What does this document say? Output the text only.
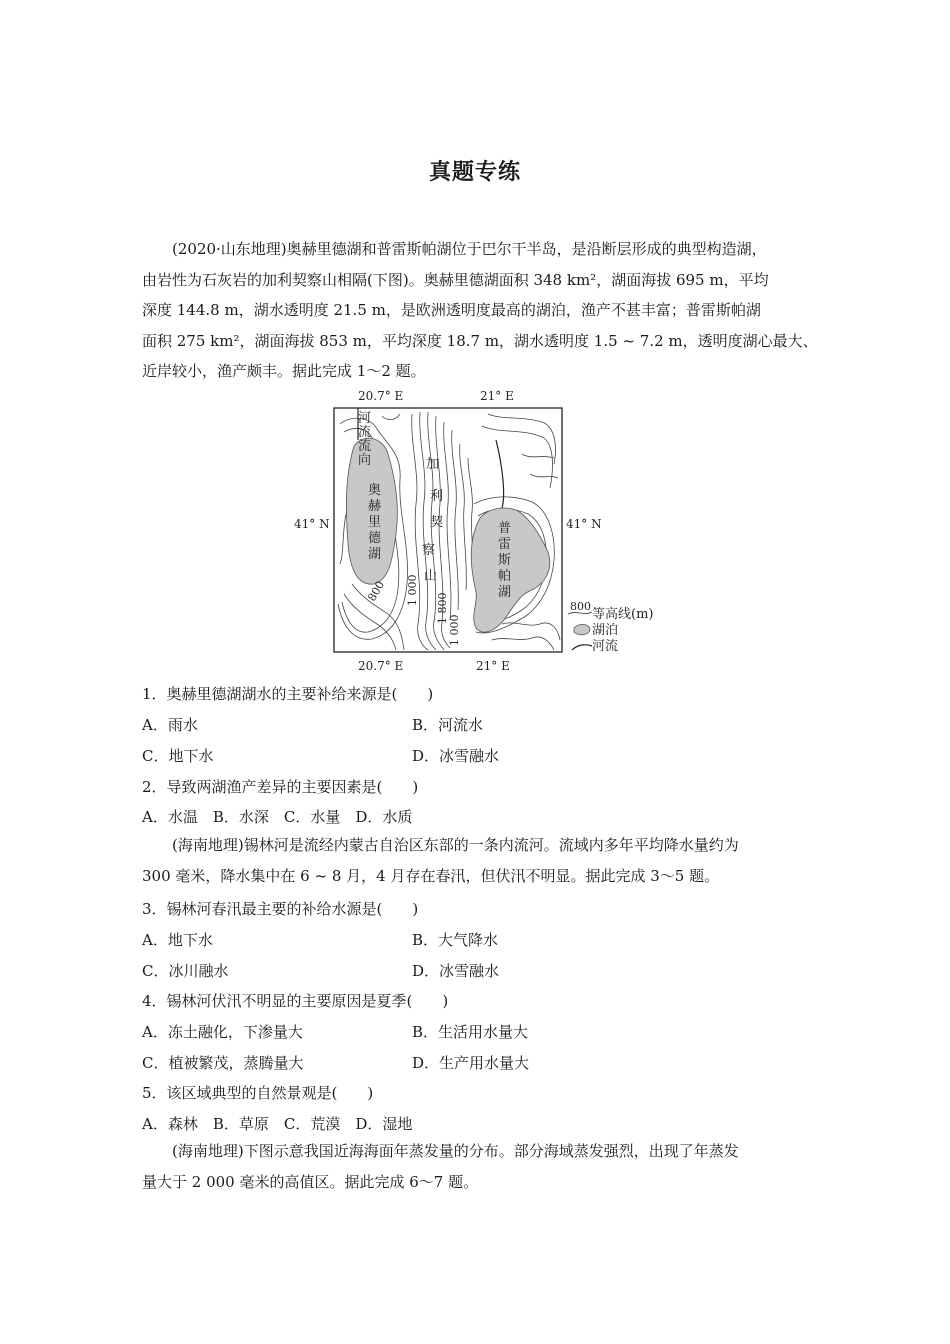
真题专练
(2020·山东地理)奥赫里德湖和普雷斯帕湖位于巴尔干半岛，是沿断层形成的典型构造湖，
由岩性为石灰岩的加利契察山相隔(下图)。奥赫里德湖面积 348 km²，湖面海拔 695 m，平均
深度 144.8 m，湖水透明度 21.5 m，是欧洲透明度最高的湖泊，渔产不甚丰富；普雷斯帕湖
面积 275 km²，湖面海拔 853 m，平均深度 18.7 m，湖水透明度 1.5 ~ 7.2 m，透明度湖心最大、
近岸较小，渔产颇丰。据此完成 1～2 题。
20.7° E	21° E
20.7° E	21° E
41° N	41° N
河
流
流
向
奥
赫
里
德
湖
加
利
契
察
山
普
雷
斯
帕
湖
800 1 000
1 800
1 000
800
等高线(m)
湖泊
河流
1．奥赫里德湖湖水的主要补给来源是(　　)
A．雨水	B．河流水
C．地下水	D．冰雪融水
2．导致两湖渔产差异的主要因素是(　　)
A．水温　B．水深　C．水量　D．水质
(海南地理)锡林河是流经内蒙古自治区东部的一条内流河。流域内多年平均降水量约为
300 毫米，降水集中在 6 ~ 8 月，4 月存在春汛，但伏汛不明显。据此完成 3～5 题。
3．锡林河春汛最主要的补给水源是(　　)
A．地下水	B．大气降水
C．冰川融水	D．冰雪融水
4．锡林河伏汛不明显的主要原因是夏季(　　)
A．冻土融化，下渗量大	B．生活用水量大
C．植被繁茂，蒸腾量大	D．生产用水量大
5．该区域典型的自然景观是(　　)
A．森林　B．草原　C．荒漠　D．湿地
(海南地理)下图示意我国近海海面年蒸发量的分布。部分海域蒸发强烈，出现了年蒸发
量大于 2 000 毫米的高值区。据此完成 6～7 题。
